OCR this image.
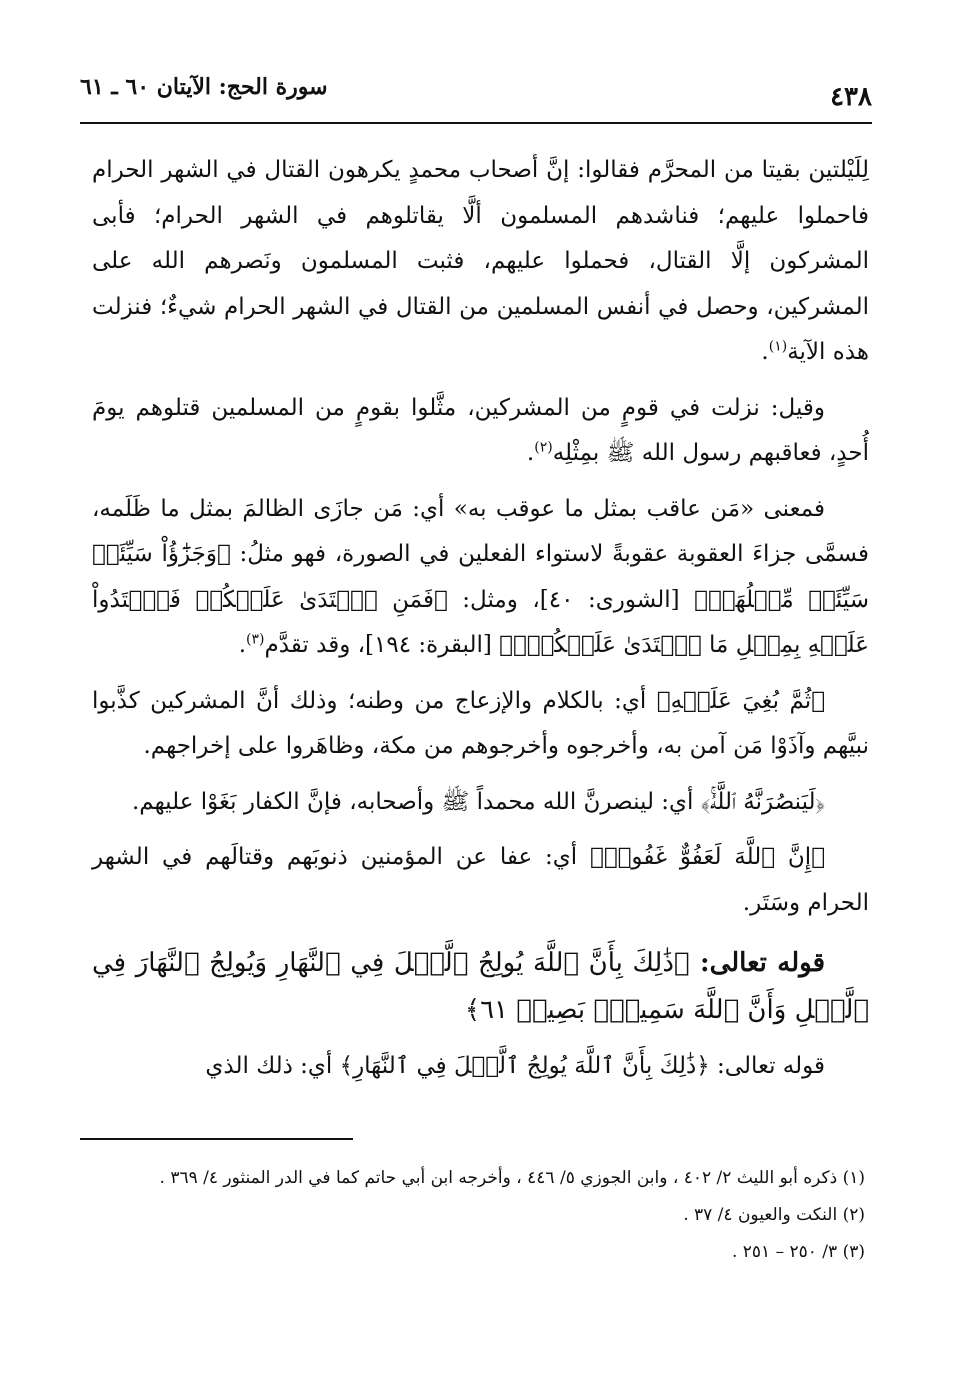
٤٣٨
سورة الحج: الآيتان ٦٠ ـ ٦١

لِلَيْلتين بقيتا من المحرَّم فقالوا: إنَّ أصحاب محمدٍ يكرهون القتال في الشهر الحرام فاحملوا عليهم؛ فناشدهم المسلمون ألَّا يقاتلوهم في الشهر الحرام؛ فأبى المشركون إلَّا القتال، فحملوا عليهم، فثبت المسلمون ونَصرهم الله على المشركين، وحصل في أنفس المسلمين من القتال في الشهر الحرام شيءٌ؛ فنزلت هذه الآية$^{(١)}$.

وقيل: نزلت في قومٍ من المشركين، مثَّلوا بقومٍ من المسلمين قتلوهم يومَ أُحدٍ، فعاقبهم رسول الله ﷺ بمِثْلِه$^{(٢)}$.

فمعنى «مَن عاقب بمثل ما عوقب به» أي: مَن جازَى الظالمَ بمثل ما ظَلَمه، فسمَّى جزاءَ العقوبة عقوبةً لاستواء الفعلين في الصورة، فهو مثلُ: ﴿وَجَزَٰٓؤُاْ سَيِّئَةٖ سَيِّئَةٞ مِّثۡلُهَاۖ﴾ [الشورى: ٤٠]، ومثل: ﴿فَمَنِ ٱعۡتَدَىٰ عَلَيۡكُمۡ فَٱعۡتَدُواْ عَلَيۡهِ بِمِثۡلِ مَا ٱعۡتَدَىٰ عَلَيۡكُمۡۚ﴾ [البقرة: ١٩٤]، وقد تقدَّم$^{(٣)}$.

﴿ثُمَّ بُغِيَ عَلَيۡهِ﴾ أي: بالكلام والإزعاج من وطنه؛ وذلك أنَّ المشركين كذَّبوا نبيَّهم وآذَوْا مَن آمن به، وأخرجوه وأخرجوهم من مكة، وظاهَروا على إخراجهم.

﴿لَيَنصُرَنَّهُ ٱللَّهُۚ﴾ أي: لينصرنَّ الله محمداً ﷺ وأصحابه، فإنَّ الكفار بَغَوْا عليهم.

﴿إِنَّ ٱللَّهَ لَعَفُوٌّ غَفُورٞ﴾ أي: عفا عن المؤمنين ذنوبَهم وقتالَهم في الشهر الحرام وسَتَر.

قوله تعالى: ﴿ذَٰلِكَ بِأَنَّ ٱللَّهَ يُولِجُ ٱلَّيۡلَ فِي ٱلنَّهَارِ وَيُولِجُ ٱلنَّهَارَ فِي ٱلَّيۡلِ وَأَنَّ ٱللَّهَ سَمِيعُۢ بَصِيرٞ ٦١﴾

قوله تعالى: ﴿ذَٰلِكَ بِأَنَّ ٱللَّهَ يُولِجُ ٱلَّيۡلَ فِي ٱلنَّهَارِ﴾ أي: ذلك الذي

(١) ذكره أبو الليث ٢/ ٤٠٢ ، وابن الجوزي ٥/ ٤٤٦ ، وأخرجه ابن أبي حاتم كما في الدر المنثور ٤/ ٣٦٩ .

(٢) النكت والعيون ٤/ ٣٧ .

(٣) ٣/ ٢٥٠ – ٢٥١ .
